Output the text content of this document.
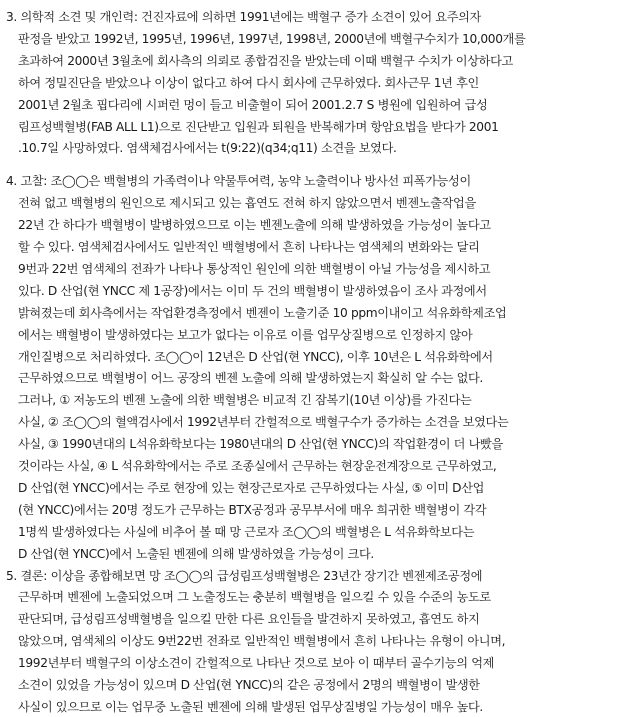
3. 의학적 소견 및 개인력: 건진자료에 의하면 1991년에는 백혈구 증가 소견이 있어 요주의자
판정을 받았고 1992년, 1995년, 1996년, 1997년, 1998년, 2000년에 백혈구수치가 10,000개를
초과하여 2000년 3월초에 회사측의 의뢰로 종합검진을 받았는데 이때 백혈구 수치가 이상하다고
하여 정밀진단을 받았으나 이상이 없다고 하여 다시 회사에 근무하였다. 회사근무 1년 후인
2001년 2월초 핍다리에 시퍼런 멍이 들고 비출혈이 되어 2001.2.7 S 병원에 입원하여 급성
림프성백혈병(FAB ALL L1)으로 진단받고 입원과 퇴원을 반복해가며 항암요법을 받다가 2001
.10.7일 사망하였다. 염색체검사에서는 t(9:22)(q34;q11) 소견을 보였다.
4. 고찰: 조◯◯은 백혈병의 가족력이나 약물투여력, 농약 노출력이나 방사선 피폭가능성이
전혀 없고 백혈병의 원인으로 제시되고 있는 흡연도 전혀 하지 않았으면서 벤젠노출작업을
22년 간 하다가 백혈병이 발병하였으므로 이는 벤젠노출에 의해 발생하였을 가능성이 높다고
할 수 있다. 염색체검사에서도 일반적인 백혈병에서 흔히 나타나는 염색체의 변화와는 달리
9번과 22번 염색체의 전좌가 나타나 통상적인 원인에 의한 백혈병이 아닐 가능성을 제시하고
있다. D 산업(현 YNCC 제 1공장)에서는 이미 두 건의 백혈병이 발생하였음이 조사 과정에서
밝혀졌는데 회사측에서는 작업환경측정에서 벤젠이 노출기준 10 ppm이내이고 석유화학제조업
에서는 백혈병이 발생하였다는 보고가 없다는 이유로 이를 업무상질병으로 인정하지 않아
개인질병으로 처리하였다. 조◯◯이 12년은 D 산업(현 YNCC), 이후 10년은 L 석유화학에서
근무하였으므로 백혈병이 어느 공장의 벤젠 노출에 의해 발생하였는지 확실히 알 수는 없다.
그러나, ① 저농도의 벤젠 노출에 의한 백혈병은 비교적 긴 잠복기(10년 이상)를 가진다는
사실, ② 조◯◯의 혈액검사에서 1992년부터 간헐적으로 백혈구수가 증가하는 소견을 보였다는
사실, ③ 1990년대의 L석유화학보다는 1980년대의 D 산업(현 YNCC)의 작업환경이 더 나빴을
것이라는 사실, ④ L 석유화학에서는 주로 조종실에서 근무하는 현장운전계장으로 근무하였고,
D 산업(현 YNCC)에서는 주로 현장에 있는 현장근로자로 근무하였다는 사실, ⑤ 이미 D산업
(현 YNCC)에서는 20명 정도가 근무하는 BTX공정과 공무부서에 매우 희귀한 백혈병이 각각
1명씩 발생하였다는 사실에 비추어 볼 때 망 근로자 조◯◯의 백혈병은 L 석유화학보다는
D 산업(현 YNCC)에서 노출된 벤젠에 의해 발생하였을 가능성이 크다.
5. 결론: 이상을 종합해보면 망 조◯◯의 급성림프성백혈병은 23년간 장기간 벤젠제조공정에
근무하며 벤젠에 노출되었으며 그 노출정도는 충분히 백혈병을 일으킬 수 있을 수준의 농도로
판단되며, 급성림프성백혈병을 일으킬 만한 다른 요인들을 발견하지 못하였고, 흡연도 하지
않았으며, 염색체의 이상도 9번22번 전좌로 일반적인 백혈병에서 흔히 나타나는 유형이 아니며,
1992년부터 백혈구의 이상소견이 간헐적으로 나타난 것으로 보아 이 때부터 골수기능의 억제
소견이 있었을 가능성이 있으며 D 산업(현 YNCC)의 같은 공정에서 2명의 백혈병이 발생한
사실이 있으므로 이는 업무중 노출된 벤젠에 의해 발생된 업무상질병일 가능성이 매우 높다.
